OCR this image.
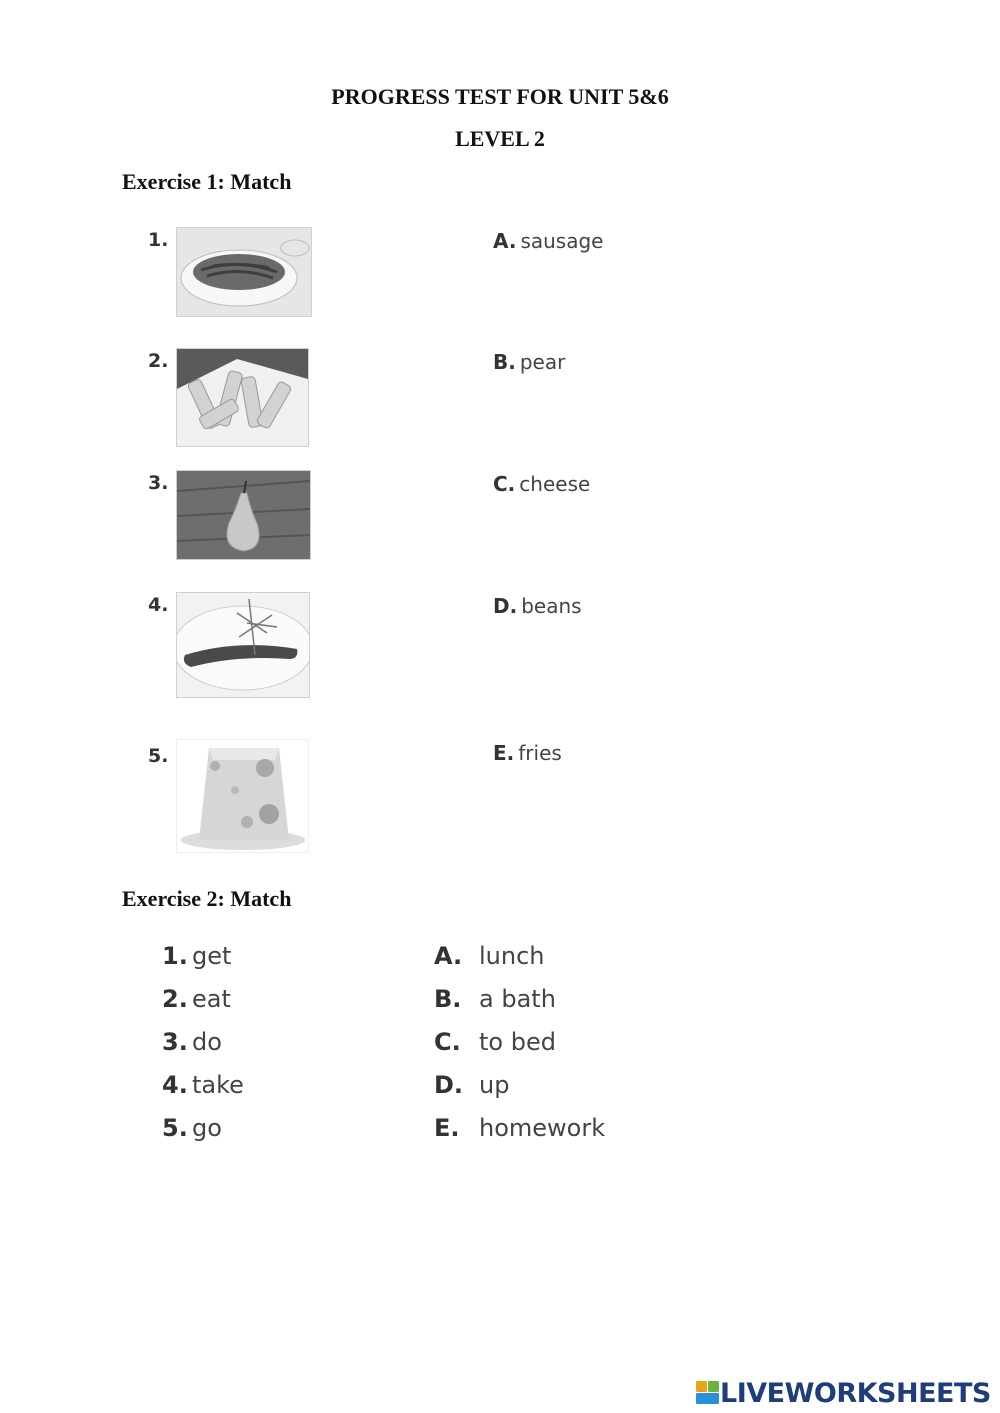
PROGRESS TEST FOR UNIT 5&6
LEVEL 2
Exercise 1: Match
1.	A. sausage
2.	B. pear
3.	C. cheese
4.	D. beans
5.	E. fries
Exercise 2: Match
1. get	A. lunch
2. eat	B. a bath
3. do	C. to bed
4. take	D. up
5. go	E. homework
LIVEWORKSHEETS
